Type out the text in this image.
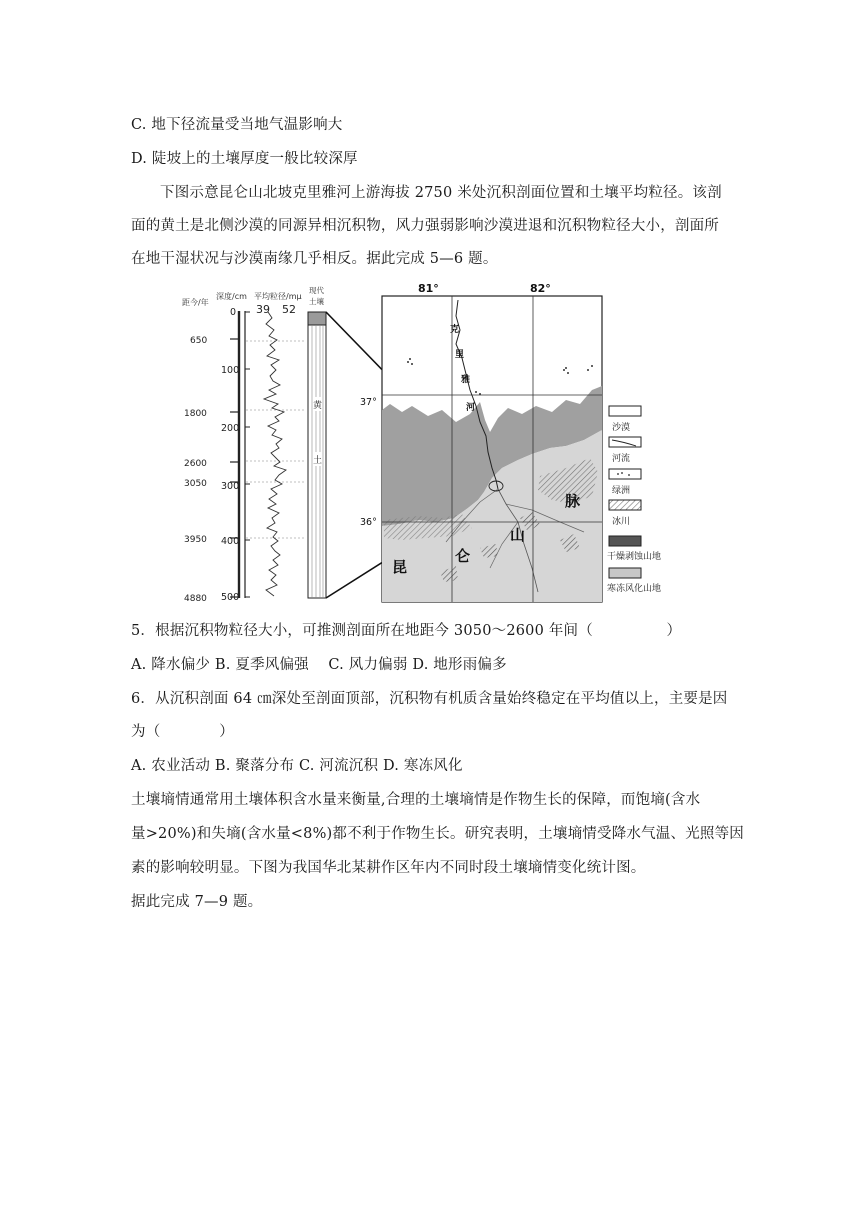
C. 地下径流量受当地气温影响大
D. 陡坡上的土壤厚度一般比较深厚
下图示意昆仑山北坡克里雅河上游海拔 2750 米处沉积剖面位置和土壤平均粒径。该剖
面的黄土是北侧沙漠的同源异相沉积物，风力强弱影响沙漠进退和沉积物粒径大小，剖面所
在地干湿状况与沙漠南缘几乎相反。据此完成 5—6 题。
距今/年
深度/cm 平均粒径/mμ
39 52
现代
土壤
650
1800
2600
3050
3950
4880
0
100
200
300
400
500
黄
土
克
里
雅
河
昆
仑
山
脉
81°	82°
37°
36°
沙漠
河流
绿洲
冰川
干燥剥蚀山地
寒冻风化山地
5．根据沉积物粒径大小，可推测剖面所在地距今 3050～2600 年间（　　　　　）
A. 降水偏少 B. 夏季风偏强　 C. 风力偏弱 D. 地形雨偏多
6．从沉积剖面 64 ㎝深处至剖面顶部，沉积物有机质含量始终稳定在平均值以上，主要是因
为（　　　　）
A. 农业活动 B. 聚落分布 C. 河流沉积 D. 寒冻风化
土壤墒情通常用土壤体积含水量来衡量,合理的土壤墒情是作物生长的保障，而饱墒(含水
量>20%)和失墒(含水量<8%)都不利于作物生长。研究表明，土壤墒情受降水气温、光照等因
素的影响较明显。下图为我国华北某耕作区年内不同时段土壤墒情变化统计图。
据此完成 7—9 题。
